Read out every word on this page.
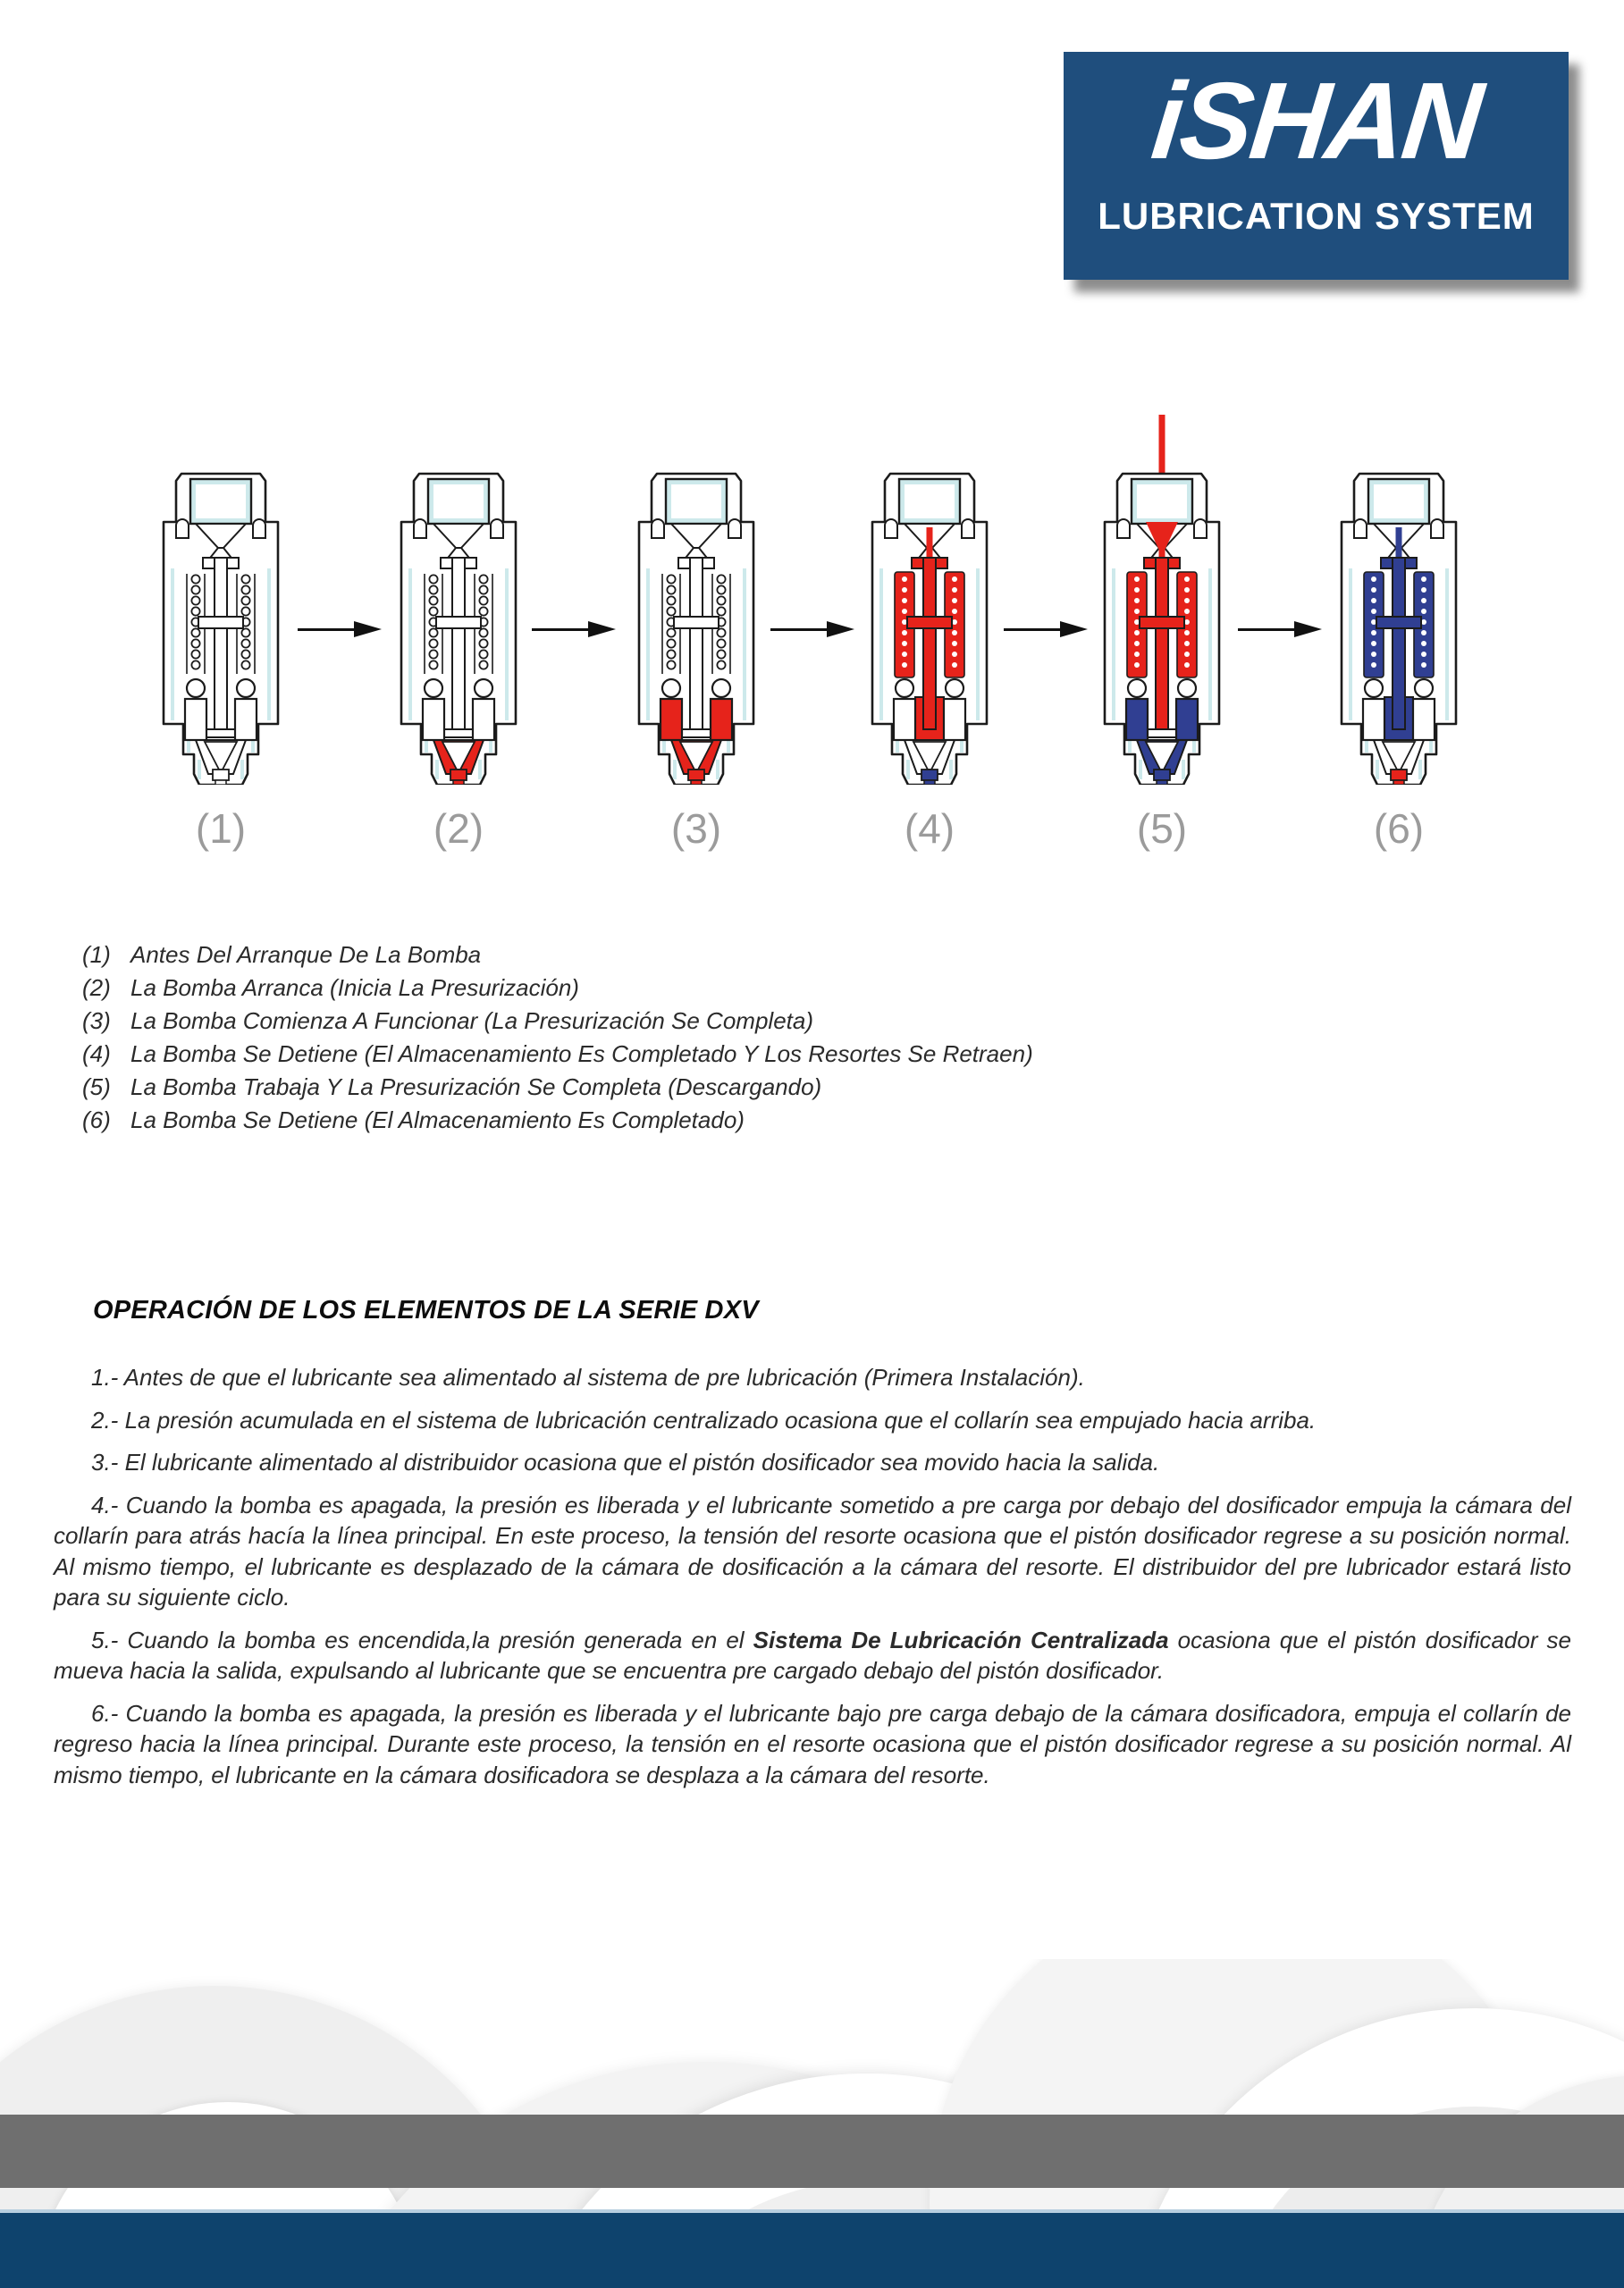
iSHAN
LUBRICATION SYSTEM
(1)	(2)	(3)	(4)	(5)	(6)
(1) Antes Del Arranque De La Bomba
(2) La Bomba Arranca (Inicia La Presurización)
(3) La Bomba Comienza A Funcionar (La Presurización Se Completa)
(4) La Bomba Se Detiene (El Almacenamiento Es Completado Y Los Resortes Se Retraen)
(5) La Bomba Trabaja Y La Presurización Se Completa (Descargando)
(6) La Bomba Se Detiene (El Almacenamiento Es Completado)
OPERACIÓN DE LOS ELEMENTOS DE LA SERIE DXV

1.- Antes de que el lubricante sea alimentado al sistema de pre lubricación (Primera Instalación).

2.- La presión acumulada en el sistema de lubricación centralizado ocasiona que el collarín sea empujado hacia arriba.

3.- El lubricante alimentado al distribuidor ocasiona que el pistón dosificador sea movido hacia la salida.

4.- Cuando la bomba es apagada, la presión es liberada y el lubricante sometido a pre carga por debajo del dosificador empuja la cámara del collarín para atrás hacía la línea principal. En este proceso, la tensión del resorte ocasiona que el pistón dosificador regrese a su posición normal. Al mismo tiempo, el lubricante es desplazado de la cámara de dosificación a la cámara del resorte. El distribuidor del pre lubricador estará listo para su siguiente ciclo.

5.- Cuando la bomba es encendida,la presión generada en el Sistema De Lubricación Centralizada ocasiona que el pistón dosificador se mueva hacia la salida, expulsando al lubricante que se encuentra pre cargado debajo del pistón dosificador.

6.- Cuando la bomba es apagada, la presión es liberada y el lubricante bajo pre carga debajo de la cámara dosificadora, empuja el collarín de regreso hacia la línea principal. Durante este proceso, la tensión en el resorte ocasiona que el pistón dosificador regrese a su posición normal. Al mismo tiempo, el lubricante en la cámara dosificadora se desplaza a la cámara del resorte.
